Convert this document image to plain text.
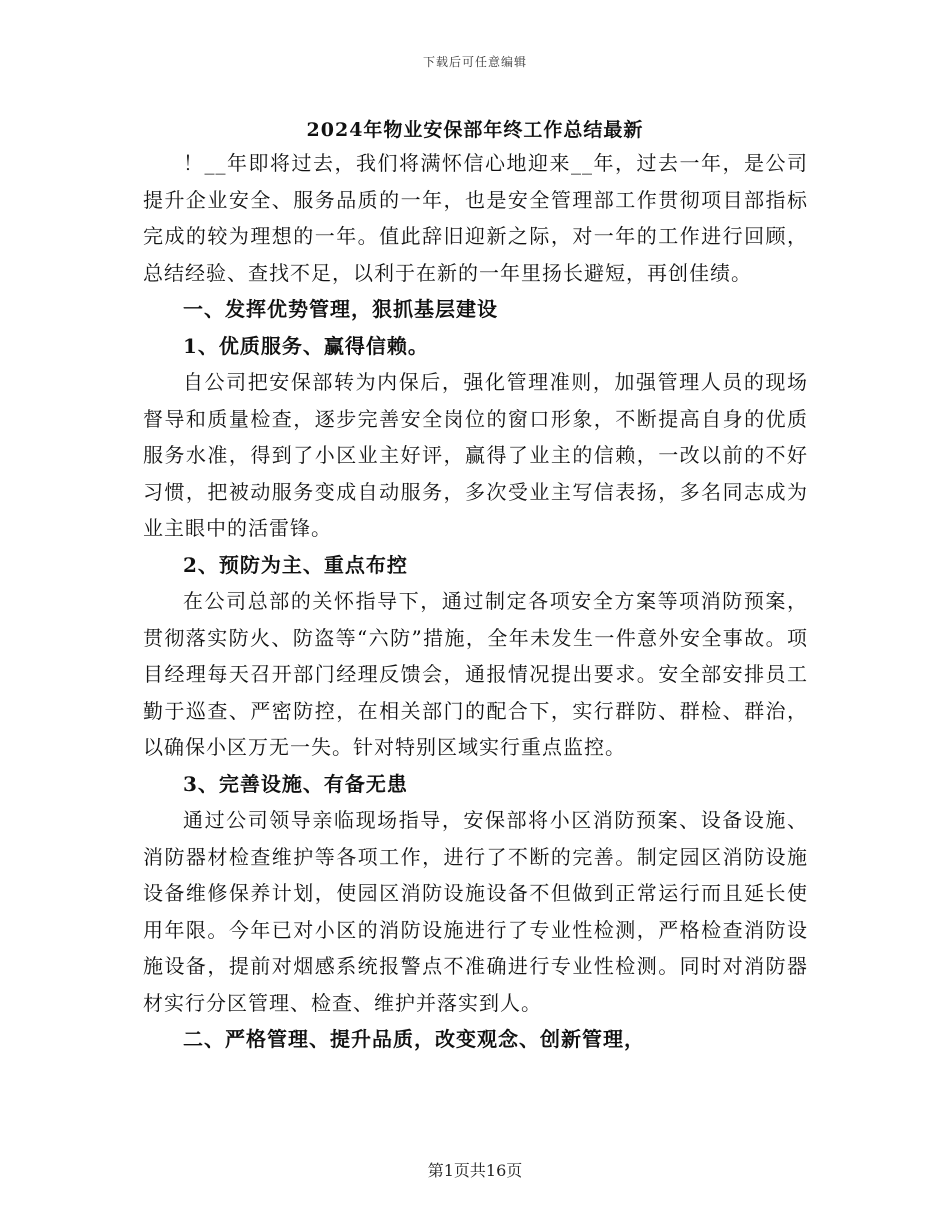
下载后可任意编辑
2024年物业安保部年终工作总结最新

！__年即将过去，我们将满怀信心地迎来__年，过去一年，是公司提升企业安全、服务品质的一年，也是安全管理部工作贯彻项目部指标完成的较为理想的一年。值此辞旧迎新之际，对一年的工作进行回顾，总结经验、查找不足，以利于在新的一年里扬长避短，再创佳绩。

一、发挥优势管理，狠抓基层建设

1、优质服务、赢得信赖。

自公司把安保部转为内保后，强化管理准则，加强管理人员的现场督导和质量检查，逐步完善安全岗位的窗口形象，不断提高自身的优质服务水准，得到了小区业主好评，赢得了业主的信赖，一改以前的不好习惯，把被动服务变成自动服务，多次受业主写信表扬，多名同志成为业主眼中的活雷锋。

2、预防为主、重点布控

在公司总部的关怀指导下，通过制定各项安全方案等项消防预案，贯彻落实防火、防盗等“六防”措施，全年未发生一件意外安全事故。项目经理每天召开部门经理反馈会，通报情况提出要求。安全部安排员工勤于巡查、严密防控，在相关部门的配合下，实行群防、群检、群治，以确保小区万无一失。针对特别区域实行重点监控。

3、完善设施、有备无患

通过公司领导亲临现场指导，安保部将小区消防预案、设备设施、消防器材检查维护等各项工作，进行了不断的完善。制定园区消防设施设备维修保养计划，使园区消防设施设备不但做到正常运行而且延长使用年限。今年已对小区的消防设施进行了专业性检测，严格检查消防设施设备，提前对烟感系统报警点不准确进行专业性检测。同时对消防器材实行分区管理、检查、维护并落实到人。

二、严格管理、提升品质，改变观念、创新管理，

第1页共16页
